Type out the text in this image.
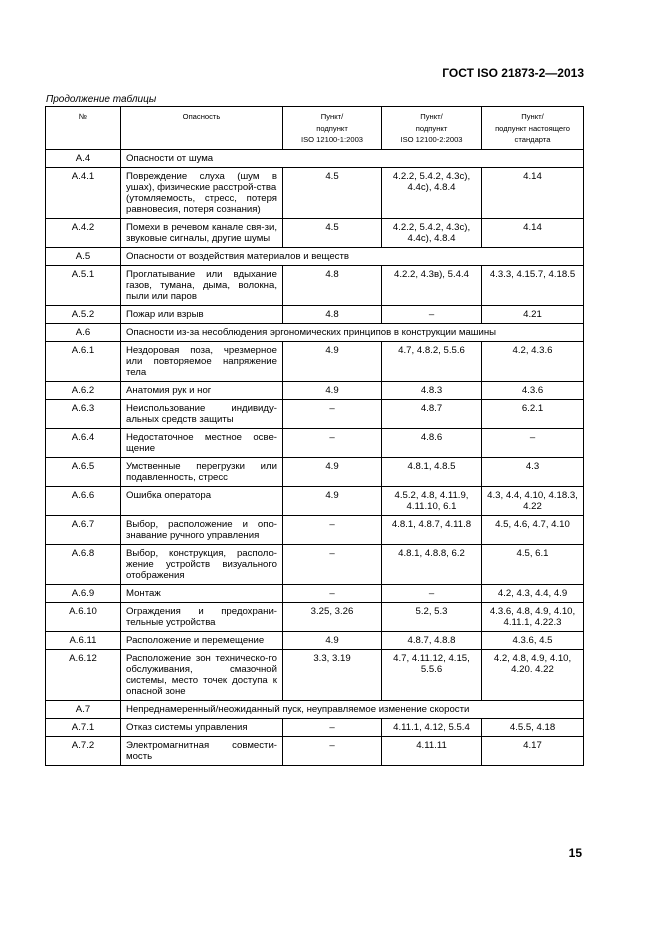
ГОСТ ISO 21873-2—2013
Продолжение таблицы
№	Опасность	Пункт/
подпункт
ISO 12100-1:2003	Пункт/
подпункт
ISO 12100-2:2003	Пункт/
подпункт настоящего
стандарта
А.4	Опасности от шума			
А.4.1	Повреждение слуха (шум в ушах), физические расстрой-ства
(утомляемость, стресс, потеря равновесия, потеря сознания)	4.5	4.2.2, 5.4.2, 4.3с), 4.4с), 4.8.4	4.14
А.4.2	Помехи в речевом канале свя-зи, звуковые сигналы, другие шумы	4.5	4.2.2, 5.4.2, 4.3с), 4.4с), 4.8.4	4.14
А.5	Опасности от воздействия материалов и веществ			
А.5.1	Проглатывание или вдыхание газов, тумана, дыма, волокна, пыли или паров	4.8	4.2.2, 4.3в), 5.4.4	4.3.3, 4.15.7, 4.18.5
А.5.2	Пожар или взрыв	4.8	–	4.21
А.6	Опасности из-за несоблюдения эргономических принципов в конструкции машины			
А.6.1	Нездоровая поза, чрезмерное или повторяемое напряжение тела	4.9	4.7, 4.8.2, 5.5.6	4.2, 4.3.6
А.6.2	Анатомия рук и ног	4.9	4.8.3	4.3.6
А.6.3	Неиспользование индивиду-альных средств защиты	–	4.8.7	6.2.1
А.6.4	Недостаточное местное осве-щение	–	4.8.6	–
А.6.5	Умственные перегрузки или подавленность, стресс	4.9	4.8.1, 4.8.5	4.3
А.6.6	Ошибка оператора	4.9	4.5.2, 4.8, 4.11.9, 4.11.10, 6.1	4.3, 4.4, 4.10, 4.18.3, 4.22
А.6.7	Выбор, расположение и опо-знавание ручного управления	–	4.8.1, 4.8.7, 4.11.8	4.5, 4.6, 4.7, 4.10
А.6.8	Выбор, конструкция, располо-жение устройств визуального отображения	–	4.8.1, 4.8.8, 6.2	4.5, 6.1
А.6.9	Монтаж	–	–	4.2, 4.3, 4.4, 4.9
А.6.10	Ограждения и предохрани-тельные устройства	3.25, 3.26	5.2, 5.3	4.3.6, 4.8, 4.9, 4.10, 4.11.1, 4.22.3
А.6.11	Расположение и перемещение	4.9	4.8.7, 4.8.8	4.3.6, 4.5
А.6.12	Расположение зон техническо-го обслуживания, смазочной системы, место точек доступа к опасной зоне	3.3, 3.19	4.7, 4.11.12, 4.15, 5.5.6	4.2, 4.8, 4.9, 4.10, 4.20. 4.22
А.7	Непреднамеренный/неожиданный пуск, неуправляемое изменение скорости			
А.7.1	Отказ системы управления	–	4.11.1, 4.12, 5.5.4	4.5.5, 4.18
А.7.2	Электромагнитная совмести-мость	–	4.11.11	4.17
15
